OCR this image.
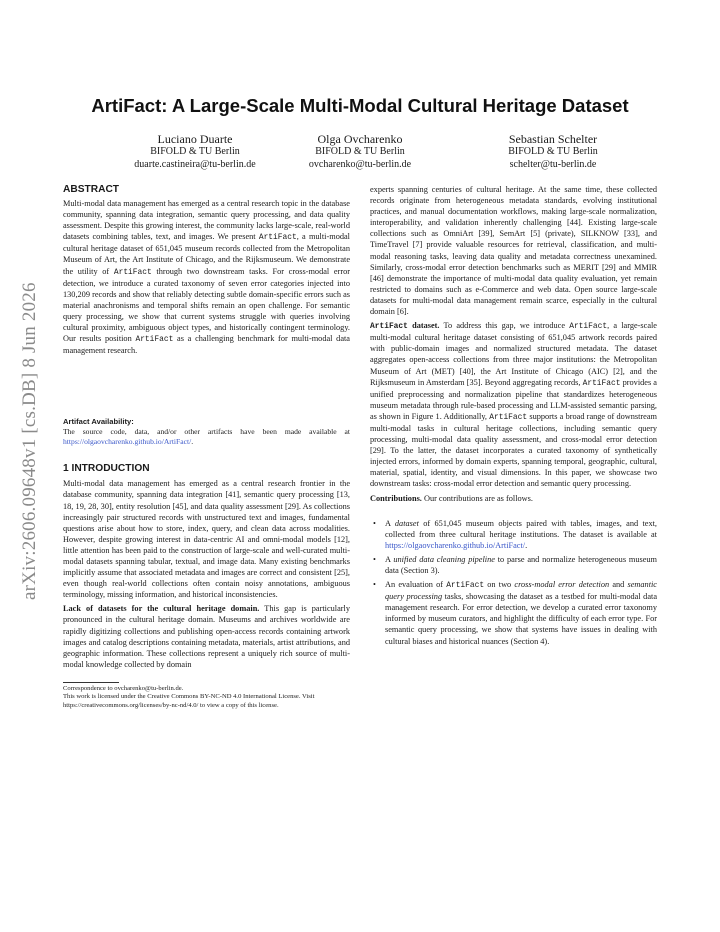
arXiv:2606.09648v1 [cs.DB] 8 Jun 2026
ArtiFact: A Large-Scale Multi-Modal Cultural Heritage Dataset
Luciano Duarte
BIFOLD & TU Berlin
duarte.castineira@tu-berlin.de
Olga Ovcharenko
BIFOLD & TU Berlin
ovcharenko@tu-berlin.de
Sebastian Schelter
BIFOLD & TU Berlin
schelter@tu-berlin.de
ABSTRACT

Multi-modal data management has emerged as a central research topic in the database community, spanning data integration, semantic query processing, and data quality assessment. Despite this growing interest, the community lacks large-scale, real-world datasets combining tables, text, and images. We present ArtiFact, a multi-modal cultural heritage dataset of 651,045 museum records collected from the Metropolitan Museum of Art, the Art Institute of Chicago, and the Rijksmuseum. We demonstrate the utility of ArtiFact through two downstream tasks. For cross-modal error detection, we introduce a curated taxonomy of seven error categories injected into 130,209 records and show that reliably detecting subtle domain-specific errors such as material anachronisms and temporal shifts remain an open challenge. For semantic query processing, we show that current systems struggle with queries involving cultural proximity, ambiguous object types, and historically contingent terminology. Our results position ArtiFact as a challenging benchmark for multi-modal data management research.

Artifact Availability:

The source code, data, and/or other artifacts have been made available at https://olgaovcharenko.github.io/ArtiFact/.

1 INTRODUCTION

Multi-modal data management has emerged as a central research frontier in the database community, spanning data integration [41], semantic query processing [13, 18, 19, 28, 30], entity resolution [45], and data quality assessment [29]. As collections increasingly pair structured records with unstructured text and images, fundamental questions arise about how to store, index, query, and clean data across modalities. However, despite growing interest in data-centric AI and omni-modal models [12], little attention has been paid to the construction of large-scale and well-curated multi-modal datasets spanning tabular, textual, and image data. Many existing benchmarks implicitly assume that associated metadata and images are correct and consistent [25], even though real-world collections often contain noisy annotations, ambiguous terminology, missing information, and historical inconsistencies.

Lack of datasets for the cultural heritage domain. This gap is particularly pronounced in the cultural heritage domain. Museums and archives worldwide are rapidly digitizing collections and publishing open-access records containing artwork images and catalog descriptions containing metadata, materials, artist attributions, and geographic information. These collections represent a uniquely rich source of multi-modal knowledge collected by domain

Correspondence to ovcharenko@tu-berlin.de.
This work is licensed under the Creative Commons BY-NC-ND 4.0 International License. Visit https://creativecommons.org/licenses/by-nc-nd/4.0/ to view a copy of this license.

experts spanning centuries of cultural heritage. At the same time, these collected records originate from heterogeneous metadata standards, evolving institutional practices, and manual documentation workflows, making large-scale normalization, interoperability, and validation inherently challenging [44]. Existing large-scale collections such as OmniArt [39], SemArt [5] (private), SILKNOW [33], and TimeTravel [7] provide valuable resources for retrieval, classification, and multi-modal reasoning tasks, leaving data quality and metadata correctness unexamined. Similarly, cross-modal error detection benchmarks such as MERIT [29] and MMIR [46] demonstrate the importance of multi-modal data quality evaluation, yet remain restricted to domains such as e-Commerce and web data. Open source large-scale datasets for multi-modal data management remain scarce, especially in the cultural domain [6].

ArtiFact dataset. To address this gap, we introduce ArtiFact, a large-scale multi-modal cultural heritage dataset consisting of 651,045 artwork records paired with public-domain images and normalized structured metadata. The dataset aggregates open-access collections from three major institutions: the Metropolitan Museum of Art (MET) [40], the Art Institute of Chicago (AIC) [2], and the Rijksmuseum in Amsterdam [35]. Beyond aggregating records, ArtiFact provides a unified preprocessing and normalization pipeline that standardizes heterogeneous museum metadata through rule-based processing and LLM-assisted semantic parsing, as shown in Figure 1. Additionally, ArtiFact supports a broad range of downstream multi-modal tasks in cultural heritage collections, including semantic query processing, multi-modal data quality assessment, and cross-modal error detection [29]. To the latter, the dataset incorporates a curated taxonomy of synthetically injected errors, informed by domain experts, spanning temporal, geographic, cultural, material, spatial, identity, and visual dimensions. In this paper, we showcase two downstream tasks: cross-modal error detection and semantic query processing.

Contributions. Our contributions are as follows.

• A dataset of 651,045 museum objects paired with tables, images, and text, collected from three cultural heritage institutions. The dataset is available at https://olgaovcharenko.github.io/ArtiFact/.
• A unified data cleaning pipeline to parse and normalize heterogeneous museum data (Section 3).
• An evaluation of ArtiFact on two cross-modal error detection and semantic query processing tasks, showcasing the dataset as a testbed for multi-modal data management research. For error detection, we develop a curated error taxonomy informed by museum curators, and highlight the difficulty of each error type. For semantic query processing, we show that systems have issues in dealing with cultural biases and historical nuances (Section 4).
